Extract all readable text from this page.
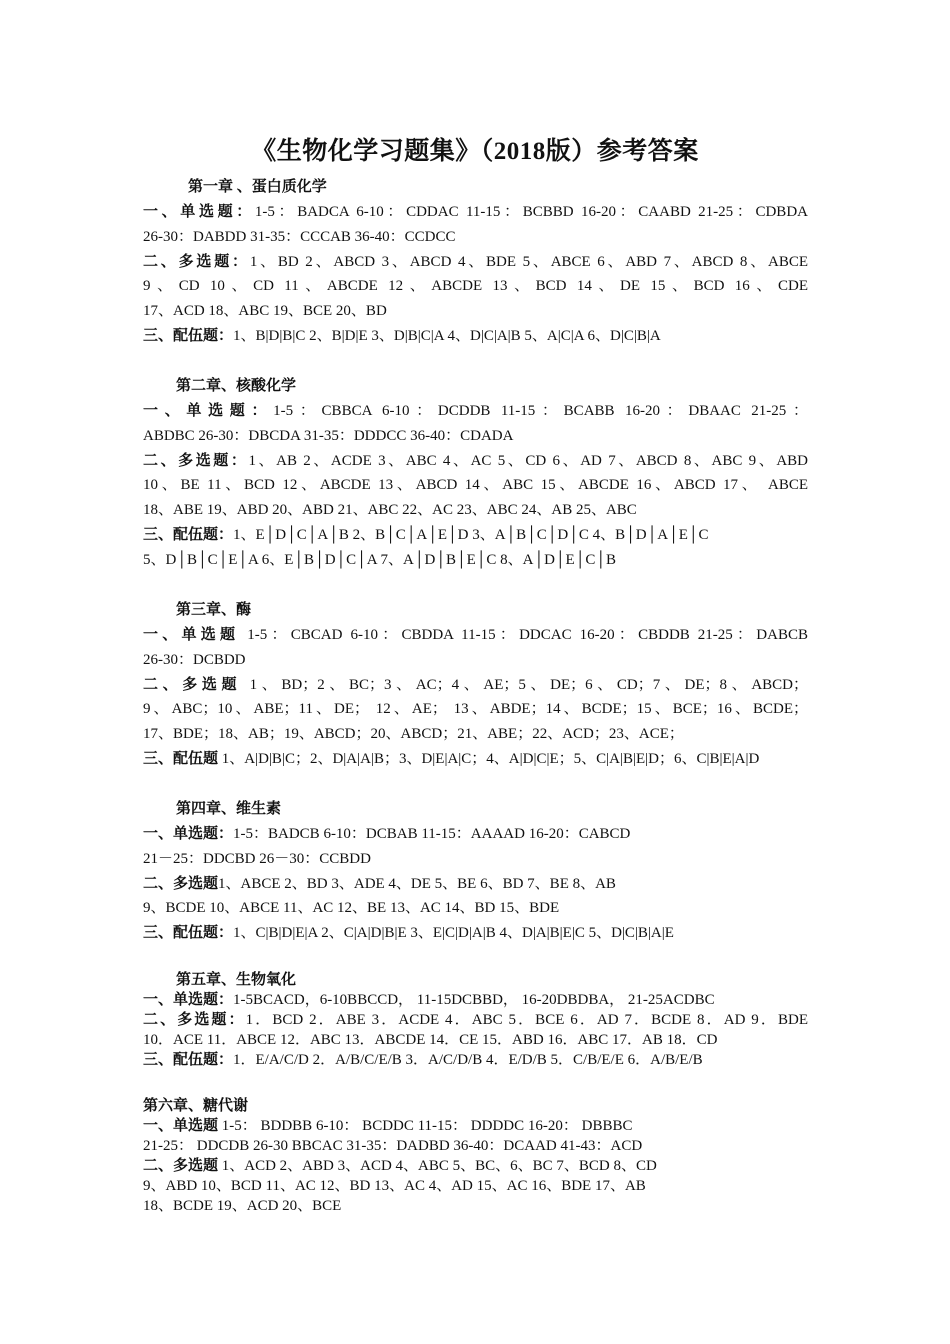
《生物化学习题集》（2018版）参考答案
第一章 、蛋白质化学
一、单选题：1-5：BADCA 6-10：CDDAC 11-15：BCBBD 16-20：CAABD 21-25：CDBDA
26-30：DABDD 31-35：CCCAB 36-40：CCDCC
二、多选题：1、BD 2、ABCD 3、ABCD 4、BDE 5、ABCE 6、ABD 7、ABCD 8、ABCE
9、CD 10、CD 11、ABCDE 12、ABCDE 13、BCD 14、DE 15、BCD 16、CDE
17、ACD 18、ABC 19、BCE 20、BD
三、配伍题：1、B|D|B|C 2、B|D|E 3、D|B|C|A 4、D|C|A|B 5、A|C|A 6、D|C|B|A
第二章、核酸化学
一、单选题：1-5：CBBCA 6-10：DCDDB 11-15：BCABB 16-20：DBAAC 21-25：
ABDBC 26-30：DBCDA 31-35：DDDCC 36-40：CDADA
二、多选题：1、AB 2、ACDE 3、ABC 4、AC 5、CD 6、AD 7、ABCD 8、ABC 9、ABD
10、BE 11、BCD 12、ABCDE 13、ABCD 14、ABC 15、ABCDE 16、ABCD 17、 ABCE
18、ABE 19、ABD 20、ABD 21、ABC 22、AC 23、ABC 24、AB 25、ABC
三、配伍题：1、E│D│C│A│B 2、B│C│A│E│D 3、A│B│C│D│C 4、B│D│A│E│C
5、D│B│C│E│A 6、E│B│D│C│A 7、A│D│B│E│C 8、A│D│E│C│B
第三章、酶
一、单选题 1-5：CBCAD 6-10：CBDDA 11-15：DDCAC 16-20：CBDDB 21-25：DABCB
26-30：DCBDD
二、多选题 1、BD；2、BC；3、AC；4、AE；5、DE；6、CD；7、DE；8、ABCD；
9、ABC；10、ABE；11、DE； 12、AE； 13、ABDE；14、BCDE；15、BCE；16、BCDE；
17、BDE；18、AB；19、ABCD；20、ABCD；21、ABE；22、ACD；23、ACE；
三、配伍题 1、A|D|B|C；2、D|A|A|B；3、D|E|A|C；4、A|D|C|E；5、C|A|B|E|D；6、C|B|E|A|D
第四章、维生素
一、单选题：1-5：BADCB 6-10：DCBAB 11-15：AAAAD 16-20：CABCD
21－25：DDCBD 26－30：CCBDD
二、多选题1、ABCE 2、BD 3、ADE 4、DE 5、BE 6、BD 7、BE 8、AB
9、BCDE 10、ABCE 11、AC 12、BE 13、AC 14、BD 15、BDE
三、配伍题：1、C|B|D|E|A 2、C|A|D|B|E 3、E|C|D|A|B 4、D|A|B|E|C 5、D|C|B|A|E
第五章、生物氧化
一、单选题：1-5BCACD，6-10BBCCD， 11-15DCBBD， 16-20DBDBA， 21-25ACDBC
二、多选题：1．BCD 2．ABE 3．ACDE 4．ABC 5．BCE 6．AD 7．BCDE 8．AD 9．BDE
10．ACE 11．ABCE 12．ABC 13．ABCDE 14．CE 15．ABD 16．ABC 17．AB 18．CD
三、配伍题：1．E/A/C/D 2．A/B/C/E/B 3．A/C/D/B 4．E/D/B 5．C/B/E/E 6．A/B/E/B
第六章、糖代谢
一、单选题 1-5： BDDBB 6-10： BCDDC 11-15： DDDDC 16-20： DBBBC
21-25： DDCDB 26-30 BBCAC 31-35：DADBD 36-40：DCAAD 41-43：ACD
二、多选题 1、ACD 2、ABD 3、ACD 4、ABC 5、BC、6、BC 7、BCD 8、CD
9、ABD 10、BCD 11、AC 12、BD 13、AC 4、AD 15、AC 16、BDE 17、AB
18、BCDE 19、ACD 20、BCE
